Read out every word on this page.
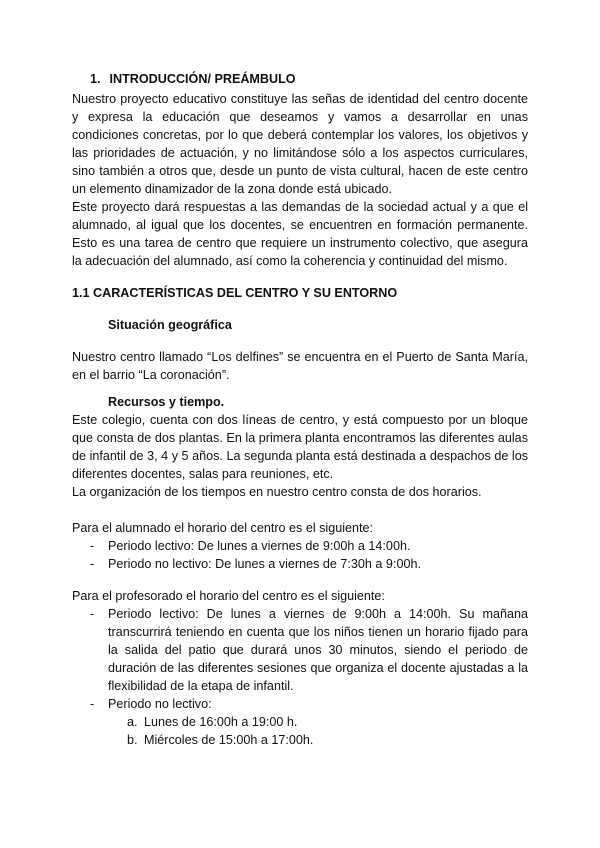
1. INTRODUCCIÓN/ PREÁMBULO

Nuestro proyecto educativo constituye las señas de identidad del centro docente y expresa la educación que deseamos y vamos a desarrollar en unas condiciones concretas, por lo que deberá contemplar los valores, los objetivos y las prioridades de actuación, y no limitándose sólo a los aspectos curriculares, sino también a otros que, desde un punto de vista cultural, hacen de este centro un elemento dinamizador de la zona donde está ubicado.

Este proyecto dará respuestas a las demandas de la sociedad actual y a que el alumnado, al igual que los docentes, se encuentren en formación permanente. Esto es una tarea de centro que requiere un instrumento colectivo, que asegura la adecuación del alumnado, así como la coherencia y continuidad del mismo.

1.1 CARACTERÍSTICAS DEL CENTRO Y SU ENTORNO
Situación geográfica

Nuestro centro llamado “Los delfines” se encuentra en el Puerto de Santa María, en el barrio “La coronación”.

Recursos y tiempo.

Este colegio, cuenta con dos líneas de centro, y está compuesto por un bloque que consta de dos plantas. En la primera planta encontramos las diferentes aulas de infantil de 3, 4 y 5 años. La segunda planta está destinada a despachos de los diferentes docentes, salas para reuniones, etc.

La organización de los tiempos en nuestro centro consta de dos horarios.

Para el alumnado el horario del centro es el siguiente:

- Periodo lectivo: De lunes a viernes de 9:00h a 14:00h.
- Periodo no lectivo: De lunes a viernes de 7:30h a 9:00h.

Para el profesorado el horario del centro es el siguiente:

- Periodo lectivo: De lunes a viernes de 9:00h a 14:00h. Su mañana transcurrirá teniendo en cuenta que los niños tienen un horario fijado para la salida del patio que durará unos 30 minutos, siendo el periodo de duración de las diferentes sesiones que organiza el docente ajustadas a la flexibilidad de la etapa de infantil.
- Periodo no lectivo:
a. Lunes de 16:00h a 19:00 h.
b. Miércoles de 15:00h a 17:00h.
